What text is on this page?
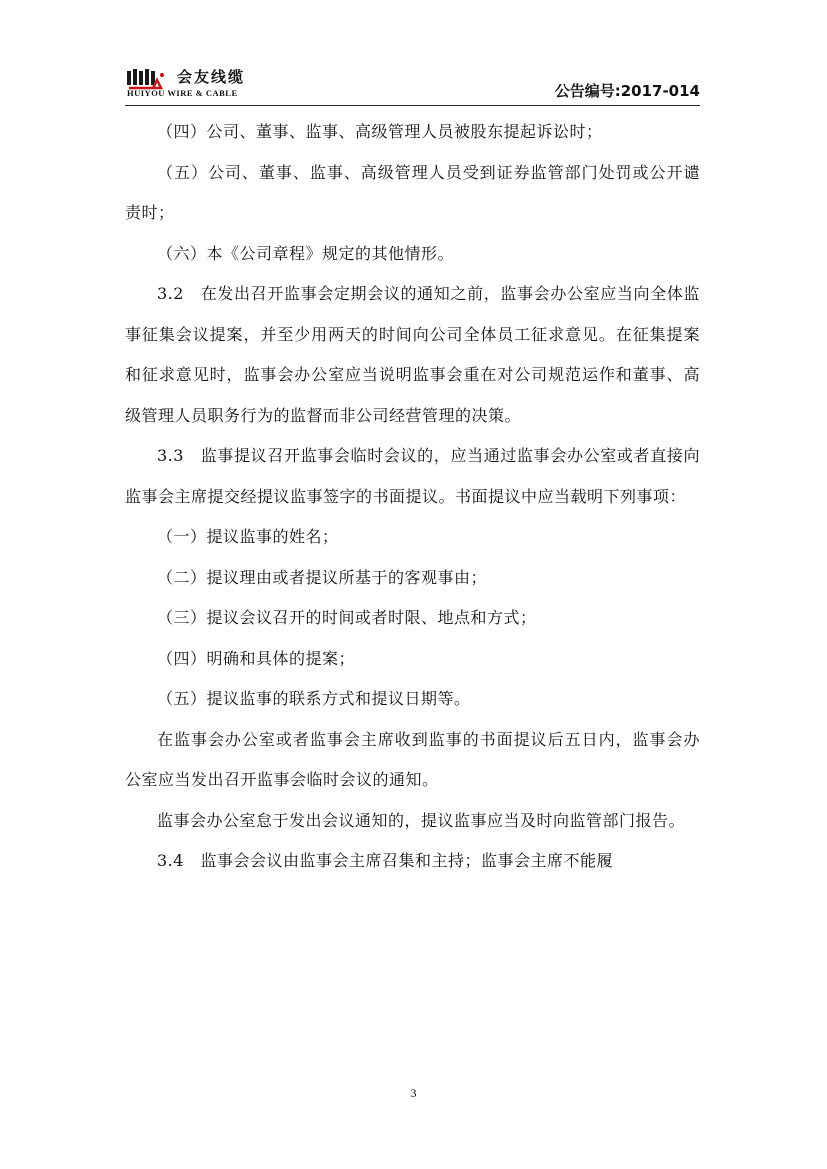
会友线缆
HUIYOU WIRE & CABLE	公告编号:2017-014

（四）公司、董事、监事、高级管理人员被股东提起诉讼时；

（五）公司、董事、监事、高级管理人员受到证券监管部门处罚或公开谴责时；

（六）本《公司章程》规定的其他情形。

3.2　在发出召开监事会定期会议的通知之前，监事会办公室应当向全体监事征集会议提案，并至少用两天的时间向公司全体员工征求意见。在征集提案和征求意见时，监事会办公室应当说明监事会重在对公司规范运作和董事、高级管理人员职务行为的监督而非公司经营管理的决策。

3.3　监事提议召开监事会临时会议的，应当通过监事会办公室或者直接向监事会主席提交经提议监事签字的书面提议。书面提议中应当载明下列事项：

（一）提议监事的姓名；

（二）提议理由或者提议所基于的客观事由；

（三）提议会议召开的时间或者时限、地点和方式；

（四）明确和具体的提案；

（五）提议监事的联系方式和提议日期等。

在监事会办公室或者监事会主席收到监事的书面提议后五日内，监事会办公室应当发出召开监事会临时会议的通知。

监事会办公室怠于发出会议通知的，提议监事应当及时向监管部门报告。

3.4　监事会会议由监事会主席召集和主持；监事会主席不能履

3
